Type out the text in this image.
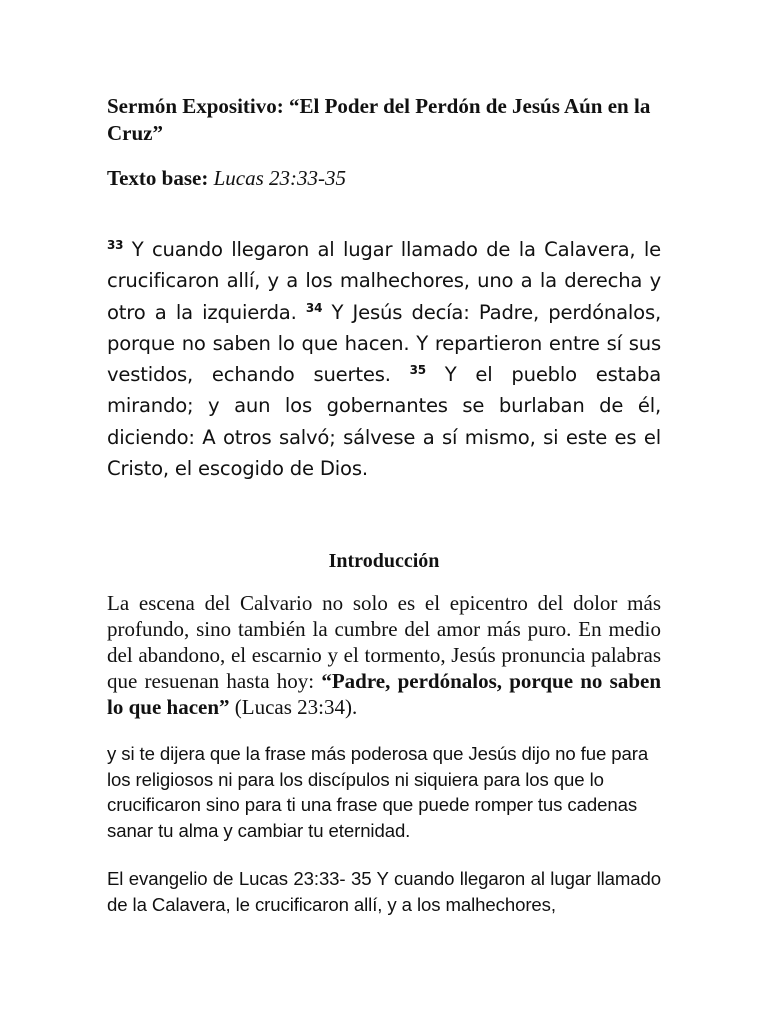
Sermón Expositivo: “El Poder del Perdón de Jesús Aún en la Cruz”

Texto base: Lucas 23:33-35

$^{33}$ Y cuando llegaron al lugar llamado de la Calavera, le crucificaron allí, y a los malhechores, uno a la derecha y otro a la izquierda. $^{34}$ Y Jesús decía: Padre, perdónalos, porque no saben lo que hacen. Y repartieron entre sí sus vestidos, echando suertes. $^{35}$ Y el pueblo estaba mirando; y aun los gobernantes se burlaban de él, diciendo: A otros salvó; sálvese a sí mismo, si este es el Cristo, el escogido de Dios.

Introducción

La escena del Calvario no solo es el epicentro del dolor más profundo, sino también la cumbre del amor más puro. En medio del abandono, el escarnio y el tormento, Jesús pronuncia palabras que resuenan hasta hoy: “Padre, perdónalos, porque no saben lo que hacen” (Lucas 23:34).

y si te dijera que la frase más poderosa que Jesús dijo no fue para los religiosos ni para los discípulos ni siquiera para los que lo crucificaron sino para ti una frase que puede romper tus cadenas sanar tu alma y cambiar tu eternidad.

El evangelio de Lucas 23:33- 35 Y cuando llegaron al lugar llamado de la Calavera, le crucificaron allí, y a los malhechores,
